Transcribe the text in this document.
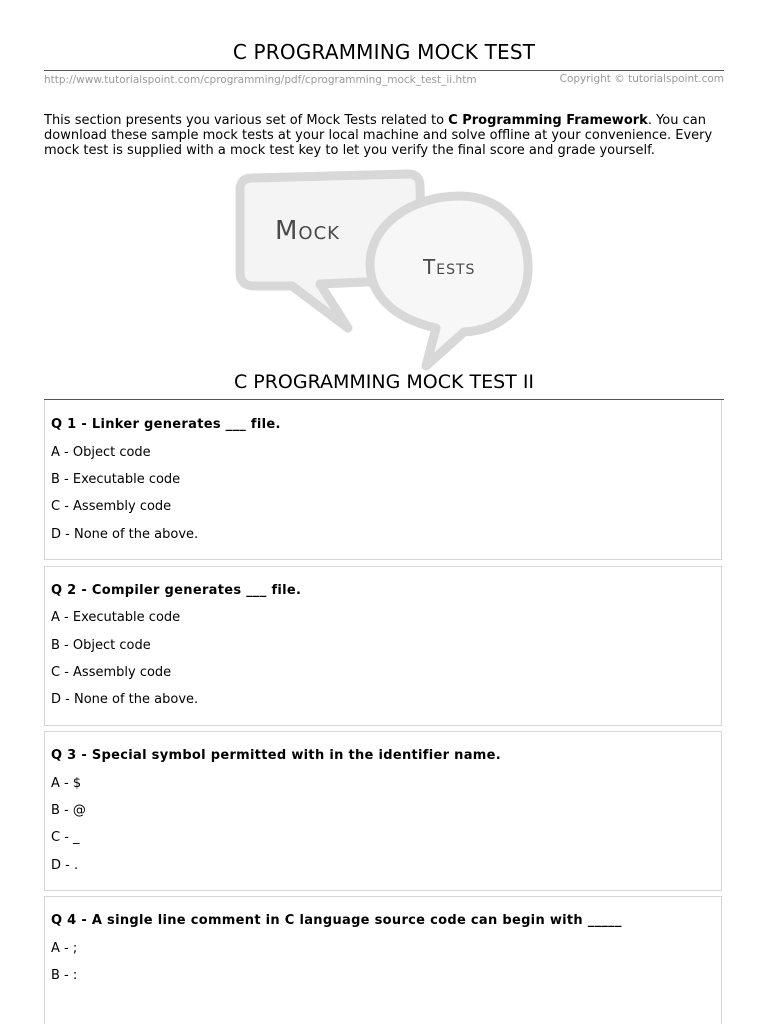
C PROGRAMMING MOCK TEST
http://www.tutorialspoint.com/cprogramming/pdf/cprogramming_mock_test_ii.htm	Copyright © tutorialspoint.com
This section presents you various set of Mock Tests related to C Programming Framework. You can download these sample mock tests at your local machine and solve offline at your convenience. Every mock test is supplied with a mock test key to let you verify the final score and grade yourself.
Mock
Tests
C PROGRAMMING MOCK TEST II
Q 1 - Linker generates ___ file.
A - Object code
B - Executable code
C - Assembly code
D - None of the above.
Q 2 - Compiler generates ___ file.
A - Executable code
B - Object code
C - Assembly code
D - None of the above.
Q 3 - Special symbol permitted with in the identifier name.
A - $
B - @
C - _
D - .
Q 4 - A single line comment in C language source code can begin with _____
A - ;
B - :
